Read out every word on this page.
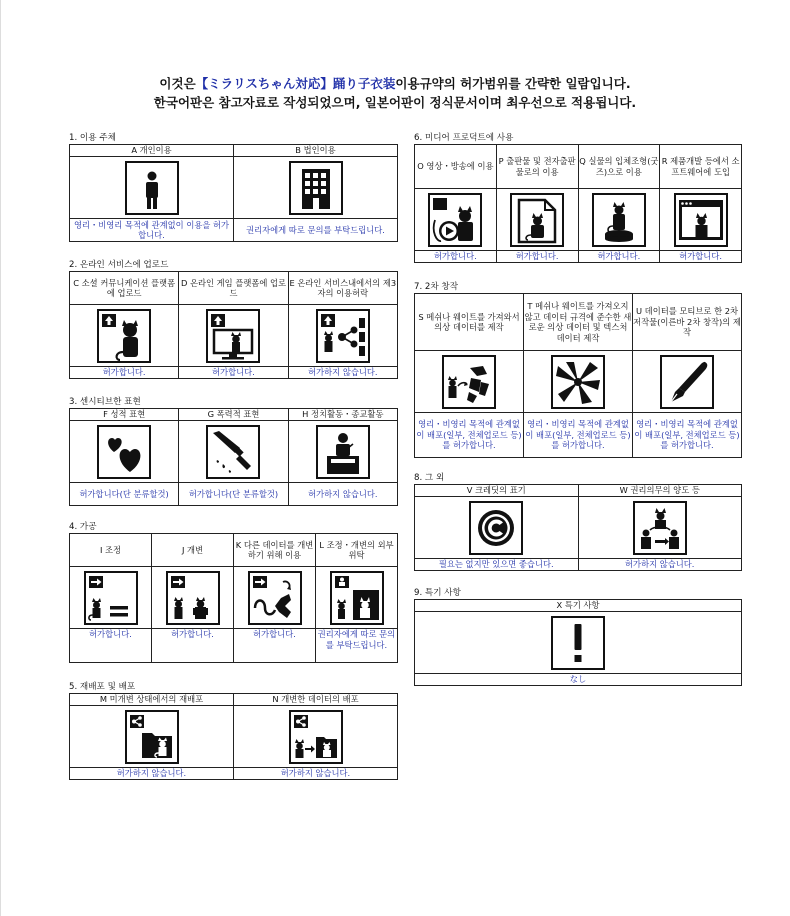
이것은【ミラリスちゃん対応】踊り子衣装이용규약의 허가범위를 간략한 일람입니다.
한국어판은 참고자료로 작성되었으며, 일본어판이 정식문서이며 최우선으로 적용됩니다.
1. 이용 주체
A 개인이용	B 법인이용

영리・비영리 목적에 관계없이 이용을 허가합니다.	권리자에게 따로 문의를 부탁드립니다.
2. 온라인 서비스에 업로드
C 소셜 커뮤니케이션 플랫폼에 업로드	D 온라인 게임 플랫폼에 업로드	E 온라인 서비스내에서의 제3자의 이용허락

허가합니다.	허가합니다.	허가하지 않습니다.
3. 센시티브한 표현
F 성적 표현	G 폭력적 표현	H 정치활동・종교활동

허가합니다(단 분류할것)	허가합니다(단 분류할것)	허가하지 않습니다.
4. 가공
I 조정	J 개변	K 다른 데이터를 개변하기 위해 이용	L 조정・개변의 외부위탁

허가합니다.	허가합니다.	허가합니다.	권리자에게 따로 문의를 부탁드립니다.
5. 재배포 및 배포
M 미개변 상태에서의 재배포	N 개변한 데이터의 배포

허가하지 않습니다.	허가하지 않습니다.
6. 미디어 프로덕트에 사용
O 영상・방송에 이용	P 출판물 및 전자출판물로의 이용	Q 실물의 입체조형(굿즈)으로 이용	R 제품개발 등에서 소프트웨어에 도입

허가합니다.	허가합니다.	허가합니다.	허가합니다.
7. 2차 창작
S 메쉬나 웨이트를 가져와서 의상 데이터를 제작	T 메쉬나 웨이트를 가져오지 않고 데이터 규격에 준수한 새로운 의상 데이터 및 텍스처 데이터 제작	U 데이터를 모티브로 한 2차 저작물(이른바 2차 창작)의 제작

영리・비영리 목적에 관계없이 배포(일부, 전체업로드 등)를 허가합니다.	영리・비영리 목적에 관계없이 배포(일부, 전체업로드 등)를 허가합니다.	영리・비영리 목적에 관계없이 배포(일부, 전체업로드 등)를 허가합니다.
8. 그 외
V 크레딧의 표기	W 권리의무의 양도 등

필요는 없지만 있으면 좋습니다.	허가하지 않습니다.
9. 특기 사항
X 특기 사항

なし
